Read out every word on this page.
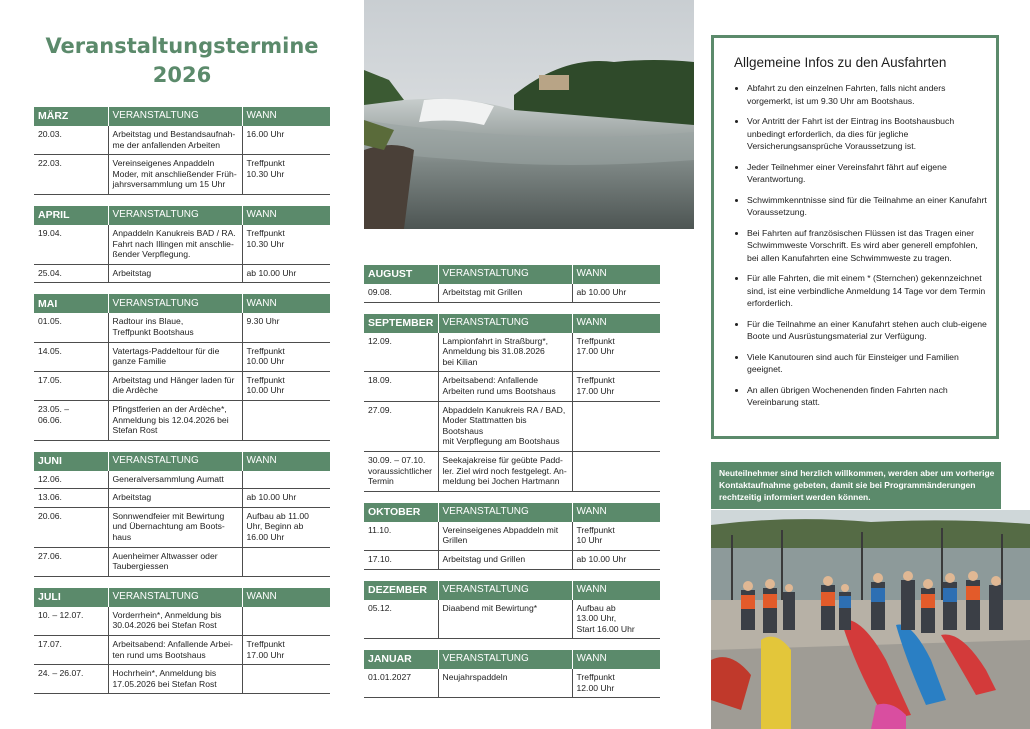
Veranstaltungstermine
2026
MÄRZ	VERANSTALTUNG	WANN
20.03.	Arbeitstag und Bestandsaufnah-
me der anfallenden Arbeiten	16.00 Uhr
22.03.	Vereinseigenes Anpaddeln
Moder, mit anschließender Früh-
jahrsversammlung um 15 Uhr	Treffpunkt
10.30 Uhr
APRIL	VERANSTALTUNG	WANN
19.04.	Anpaddeln Kanukreis BAD / RA.
Fahrt nach Illingen mit anschlie-
ßender Verpflegung.	Treffpunkt
10.30 Uhr
25.04.	Arbeitstag	ab 10.00 Uhr
MAI	VERANSTALTUNG	WANN
01.05.	Radtour ins Blaue,
Treffpunkt Bootshaus	9.30 Uhr
14.05.	Vatertags-Paddeltour für die
ganze Familie	Treffpunkt
10.00 Uhr
17.05.	Arbeitstag und Hänger laden für
die Ardèche	Treffpunkt
10.00 Uhr
23.05. –
06.06.	Pfingstferien an der Ardèche*,
Anmeldung bis 12.04.2026 bei
Stefan Rost	
JUNI	VERANSTALTUNG	WANN
12.06.	Generalversammlung Aumatt	
13.06.	Arbeitstag	ab 10.00 Uhr
20.06.	Sonnwendfeier mit Bewirtung
und Übernachtung am Boots-
haus	Aufbau ab 11.00
Uhr, Beginn ab
16.00 Uhr
27.06.	Auenheimer Altwasser oder
Taubergiessen	
JULI	VERANSTALTUNG	WANN
10. – 12.07.	Vorderrhein*, Anmeldung bis
30.04.2026 bei Stefan Rost	
17.07.	Arbeitsabend: Anfallende Arbei-
ten rund ums Bootshaus	Treffpunkt
17.00 Uhr
24. – 26.07.	Hochrhein*, Anmeldung bis
17.05.2026 bei Stefan Rost	
AUGUST	VERANSTALTUNG	WANN
09.08.	Arbeitstag mit Grillen	ab 10.00 Uhr
SEPTEMBER	VERANSTALTUNG	WANN
12.09.	Lampionfahrt in Straßburg*,
Anmeldung bis 31.08.2026
bei Kilian	Treffpunkt
17.00 Uhr
18.09.	Arbeitsabend: Anfallende
Arbeiten rund ums Bootshaus	Treffpunkt
17.00 Uhr
27.09.	Abpaddeln Kanukreis RA / BAD,
Moder Stattmatten bis Bootshaus
mit Verpflegung am Bootshaus	
30.09. – 07.10.
voraussichtlicher
Termin	Seekajakreise für geübte Padd-
ler. Ziel wird noch festgelegt. An-
meldung bei Jochen Hartmann	
OKTOBER	VERANSTALTUNG	WANN
11.10.	Vereinseigenes Abpaddeln mit
Grillen	Treffpunkt
10 Uhr
17.10.	Arbeitstag und Grillen	ab 10.00 Uhr
DEZEMBER	VERANSTALTUNG	WANN
05.12.	Diaabend mit Bewirtung*	Aufbau ab
13.00 Uhr,
Start 16.00 Uhr
JANUAR	VERANSTALTUNG	WANN
01.01.2027	Neujahrspaddeln	Treffpunkt
12.00 Uhr
Allgemeine Infos zu den Ausfahrten
• Abfahrt zu den einzelnen Fahrten, falls nicht anders vorgemerkt, ist um 9.30 Uhr am Bootshaus.
• Vor Antritt der Fahrt ist der Eintrag ins Bootshausbuch unbedingt erforderlich, da dies für jegliche Versicherungsansprüche Voraussetzung ist.
• Jeder Teilnehmer einer Vereinsfahrt fährt auf eigene Verantwortung.
• Schwimmkenntnisse sind für die Teilnahme an einer Kanufahrt Voraussetzung.
• Bei Fahrten auf französischen Flüssen ist das Tragen einer Schwimmweste Vorschrift. Es wird aber generell empfohlen, bei allen Kanufahrten eine Schwimmweste zu tragen.
• Für alle Fahrten, die mit einem * (Sternchen) gekennzeichnet sind, ist eine verbindliche Anmeldung 14 Tage vor dem Termin erforderlich.
• Für die Teilnahme an einer Kanufahrt stehen auch club-eigene Boote und Ausrüstungsmaterial zur Verfügung.
• Viele Kanutouren sind auch für Einsteiger und Familien geeignet.
• An allen übrigen Wochenenden finden Fahrten nach Vereinbarung statt.
Neuteilnehmer sind herzlich willkommen, werden aber um vorherige Kontaktaufnahme gebeten, damit sie bei Programmänderungen rechtzeitig informiert werden können.
